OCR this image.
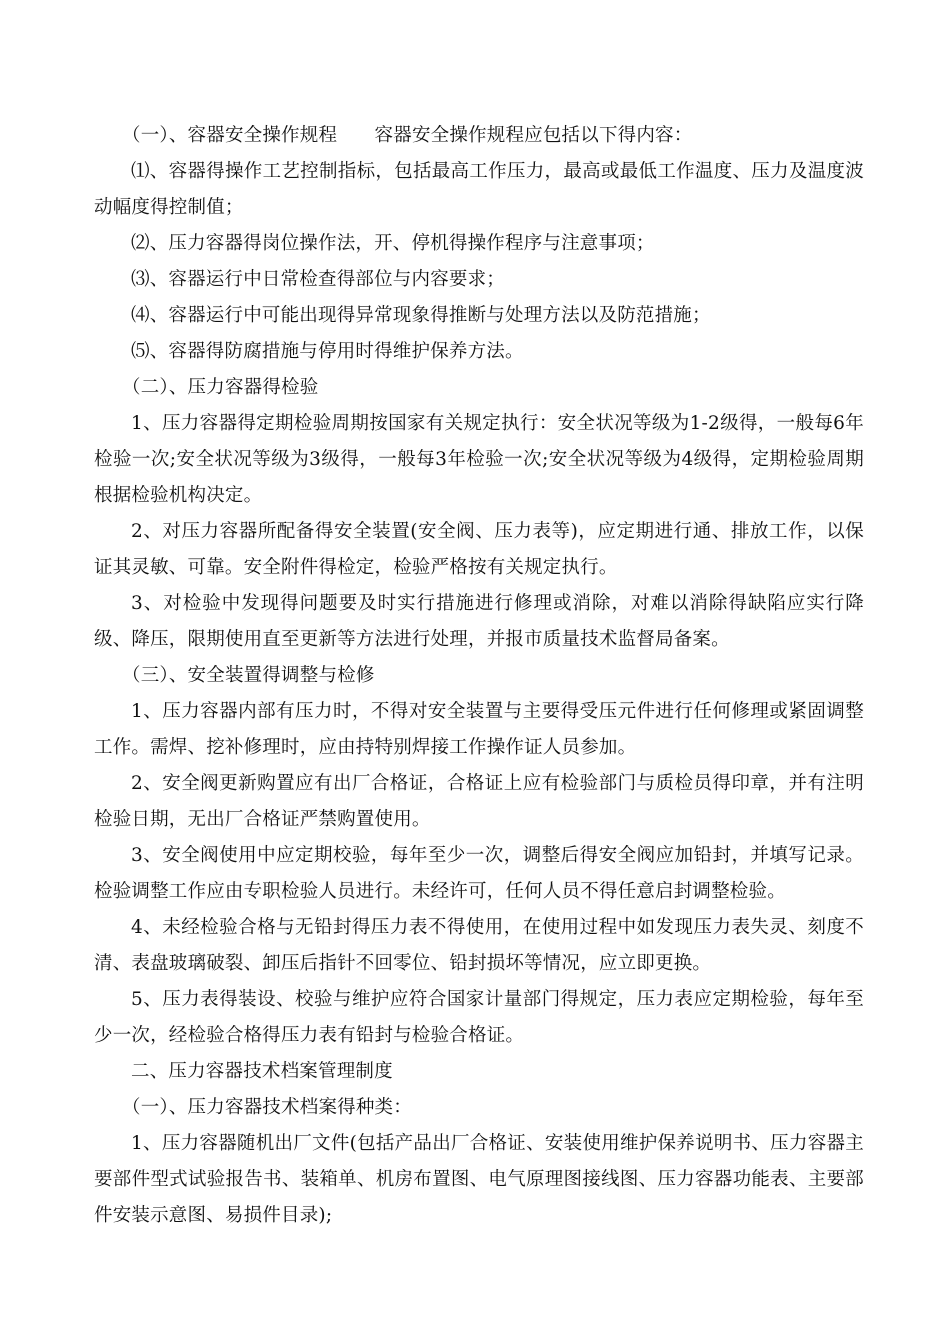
（一）、容器安全操作规程　　容器安全操作规程应包括以下得内容：

⑴、容器得操作工艺控制指标，包括最高工作压力，最高或最低工作温度、压力及温度波动幅度得控制值；

⑵、压力容器得岗位操作法，开、停机得操作程序与注意事项；

⑶、容器运行中日常检查得部位与内容要求；

⑷、容器运行中可能出现得异常现象得推断与处理方法以及防范措施；

⑸、容器得防腐措施与停用时得维护保养方法。

（二）、压力容器得检验

1、压力容器得定期检验周期按国家有关规定执行：安全状况等级为1-2级得，一般每6年检验一次;安全状况等级为3级得，一般每3年检验一次;安全状况等级为4级得，定期检验周期根据检验机构决定。

2、对压力容器所配备得安全装置(安全阀、压力表等)，应定期进行通、排放工作，以保证其灵敏、可靠。安全附件得检定，检验严格按有关规定执行。

3、对检验中发现得问题要及时实行措施进行修理或消除，对难以消除得缺陷应实行降级、降压，限期使用直至更新等方法进行处理，并报市质量技术监督局备案。

（三）、安全装置得调整与检修

1、压力容器内部有压力时，不得对安全装置与主要得受压元件进行任何修理或紧固调整工作。需焊、挖补修理时，应由持特别焊接工作操作证人员参加。

2、安全阀更新购置应有出厂合格证，合格证上应有检验部门与质检员得印章，并有注明检验日期，无出厂合格证严禁购置使用。

3、安全阀使用中应定期校验，每年至少一次，调整后得安全阀应加铅封，并填写记录。检验调整工作应由专职检验人员进行。未经许可，任何人员不得任意启封调整检验。

4、未经检验合格与无铅封得压力表不得使用，在使用过程中如发现压力表失灵、刻度不清、表盘玻璃破裂、卸压后指针不回零位、铅封损坏等情况，应立即更换。

5、压力表得装设、校验与维护应符合国家计量部门得规定，压力表应定期检验，每年至少一次，经检验合格得压力表有铅封与检验合格证。

二、压力容器技术档案管理制度

（一）、压力容器技术档案得种类：

1、压力容器随机出厂文件(包括产品出厂合格证、安装使用维护保养说明书、压力容器主要部件型式试验报告书、装箱单、机房布置图、电气原理图接线图、压力容器功能表、主要部件安装示意图、易损件目录);
